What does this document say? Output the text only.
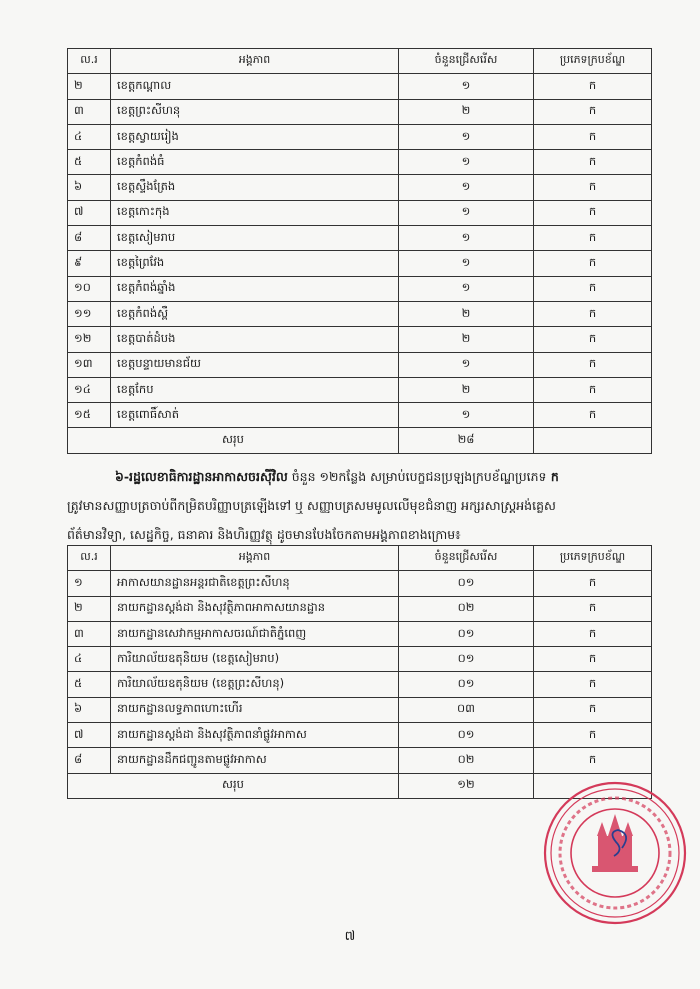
ល.រ	អង្គភាព	ចំនួនជ្រើសរើស	ប្រភេទក្របខ័ណ្ឌ
២	ខេត្តកណ្ដាល	១	ក
៣	ខេត្តព្រះសីហនុ	២	ក
៤	ខេត្តស្វាយរៀង	១	ក
៥	ខេត្តកំពង់ធំ	១	ក
៦	ខេត្តស្ទឹងត្រែង	១	ក
៧	ខេត្តកោះកុង	១	ក
៨	ខេត្តសៀមរាប	១	ក
៩	ខេត្តព្រៃវែង	១	ក
១០	ខេត្តកំពង់ឆ្នាំង	១	ក
១១	ខេត្តកំពង់ស្ពឺ	២	ក
១២	ខេត្តបាត់ដំបង	២	ក
១៣	ខេត្តបន្ទាយមានជ័យ	១	ក
១៤	ខេត្តកែប	២	ក
១៥	ខេត្តពោធិ៍សាត់	១	ក
សរុប		២៨	
៦-រដ្ឋលេខាធិការដ្ឋានអាកាសចរស៊ីវិល ចំនួន ១២កន្លែង សម្រាប់បេក្ខជនប្រឡងក្របខ័ណ្ឌប្រភេទ ក
ត្រូវមានសញ្ញាបត្រចាប់ពីកម្រិតបរិញ្ញាបត្រឡើងទៅ ឬ សញ្ញាបត្រសមមូលលើមុខជំនាញ អក្សរសាស្ត្រអង់គ្លេស
ព័ត៌មានវិទ្យា, សេដ្ឋកិច្ច, ធនាគារ និងហិរញ្ញវត្ថុ ដូចមានបែងចែកតាមអង្គភាពខាងក្រោម៖
ល.រ	អង្គភាព	ចំនួនជ្រើសរើស	ប្រភេទក្របខ័ណ្ឌ
១	អាកាសយានដ្ឋានអន្តរជាតិខេត្តព្រះសីហនុ	០១	ក
២	នាយកដ្ឋានស្តង់ដា និងសុវត្ថិភាពអាកាសយានដ្ឋាន	០២	ក
៣	នាយកដ្ឋានសេវាកម្មអាកាសចរណ៍ជាតិភ្នំពេញ	០១	ក
៤	ការិយាល័យឧតុនិយម (ខេត្តសៀមរាប)	០១	ក
៥	ការិយាល័យឧតុនិយម (ខេត្តព្រះសីហនុ)	០១	ក
៦	នាយកដ្ឋានលទ្ធភាពហោះហើរ	០៣	ក
៧	នាយកដ្ឋានស្តង់ដា និងសុវត្ថិភាពនាំផ្លូវអាកាស	០១	ក
៨	នាយកដ្ឋានដឹកជញ្ជូនតាមផ្លូវអាកាស	០២	ក
សរុប		១២	
៧
